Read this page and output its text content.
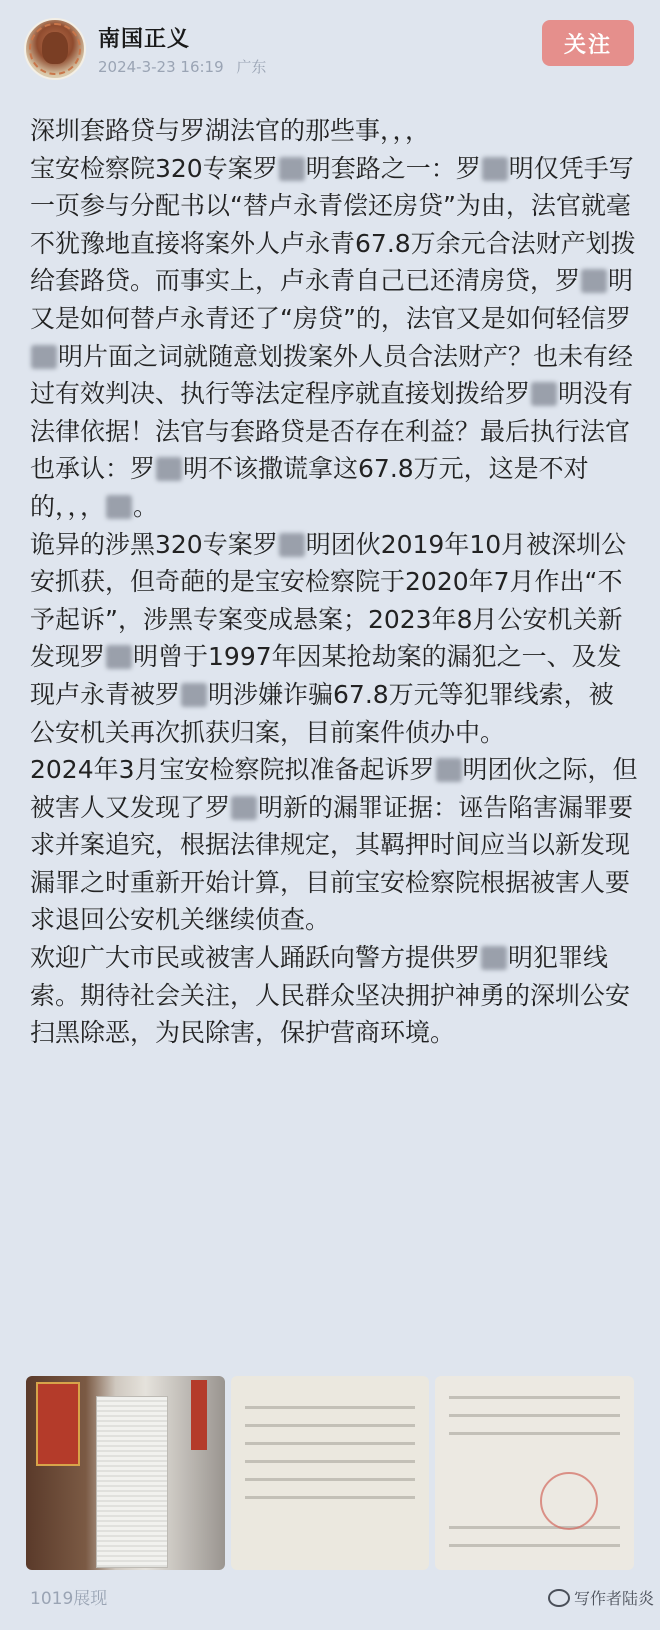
南国正义
2024-3-23 16:19 广东
关注

深圳套路贷与罗湖法官的那些事，，，

宝安检察院320专案罗 明套路之一：罗 明仅凭手写一页参与分配书以“替卢永青偿还房贷”为由，法官就毫不犹豫地直接将案外人卢永青67.8万余元合法财产划拨给套路贷。而事实上，卢永青自己已还清房贷，罗 明又是如何替卢永青还了“房贷”的，法官又是如何轻信罗明片面之词就随意划拨案外人员合法财产？也未有经过有效判决、执行等法定程序就直接划拨给罗 明没有法律依据！法官与套路贷是否存在利益？最后执行法官也承认：罗 明不该撒谎拿这67.8万元，这是不对的，，， 。

诡异的涉黑320专案罗 明团伙2019年10月被深圳公安抓获，但奇葩的是宝安检察院于2020年7月作出“不予起诉”，涉黑专案变成悬案；2023年8月公安机关新发现罗 明曾于1997年因某抢劫案的漏犯之一、及发现卢永青被罗 明涉嫌诈骗67.8万元等犯罪线索，被公安机关再次抓获归案，目前案件侦办中。

2024年3月宝安检察院拟准备起诉罗 明团伙之际，但被害人又发现了罗 明新的漏罪证据：诬告陷害漏罪要求并案追究，根据法律规定，其羁押时间应当以新发现漏罪之时重新开始计算，目前宝安检察院根据被害人要求退回公安机关继续侦查。

欢迎广大市民或被害人踊跃向警方提供罗 明犯罪线索。期待社会关注，人民群众坚决拥护神勇的深圳公安扫黑除恶，为民除害，保护营商环境。

1019展现	写作者陆炎
